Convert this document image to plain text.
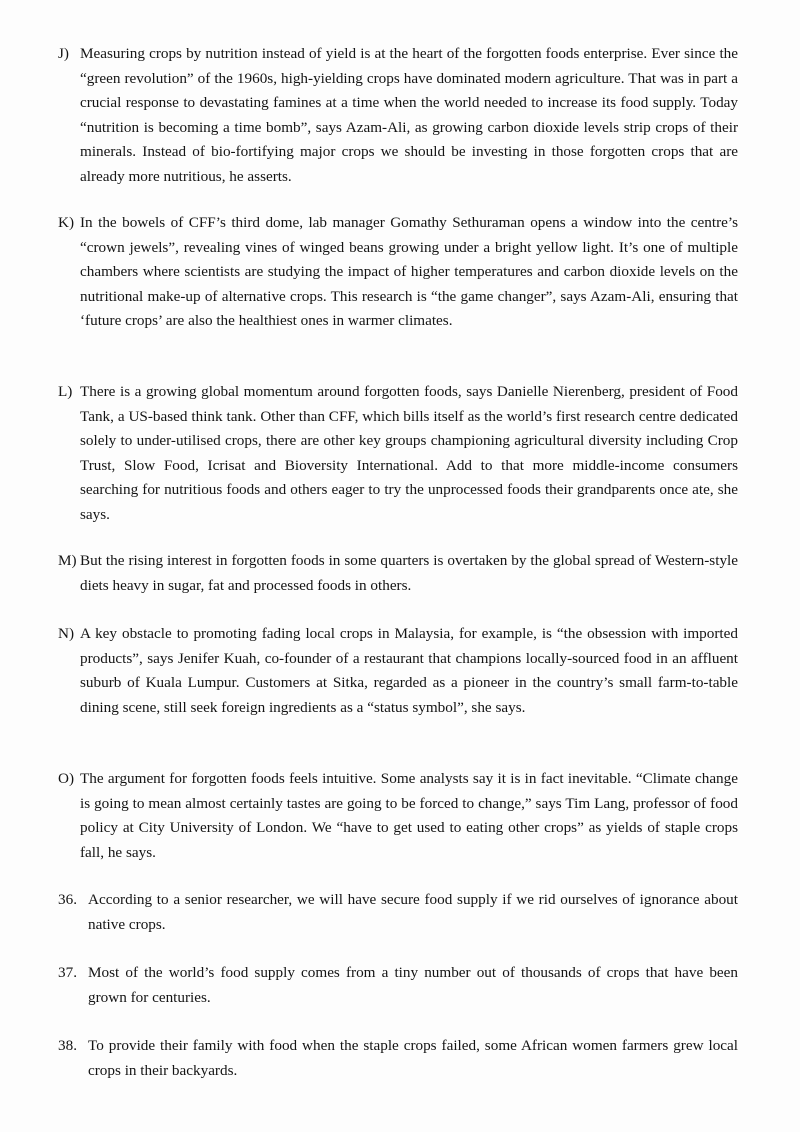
J) Measuring crops by nutrition instead of yield is at the heart of the forgotten foods enterprise. Ever since the “green revolution” of the 1960s, high-yielding crops have dominated modern agriculture. That was in part a crucial response to devastating famines at a time when the world needed to increase its food supply. Today “nutrition is becoming a time bomb”, says Azam-Ali, as growing carbon dioxide levels strip crops of their minerals. Instead of bio-fortifying major crops we should be investing in those forgotten crops that are already more nutritious, he asserts.
K) In the bowels of CFF’s third dome, lab manager Gomathy Sethuraman opens a window into the centre’s “crown jewels”, revealing vines of winged beans growing under a bright yellow light. It’s one of multiple chambers where scientists are studying the impact of higher temperatures and carbon dioxide levels on the nutritional make-up of alternative crops. This research is “the game changer”, says Azam-Ali, ensuring that ‘future crops’ are also the healthiest ones in warmer climates.
L) There is a growing global momentum around forgotten foods, says Danielle Nierenberg, president of Food Tank, a US-based think tank. Other than CFF, which bills itself as the world’s first research centre dedicated solely to under-utilised crops, there are other key groups championing agricultural diversity including Crop Trust, Slow Food, Icrisat and Bioversity International. Add to that more middle-income consumers searching for nutritious foods and others eager to try the unprocessed foods their grandparents once ate, she says.
M) But the rising interest in forgotten foods in some quarters is overtaken by the global spread of Western-style diets heavy in sugar, fat and processed foods in others.
N) A key obstacle to promoting fading local crops in Malaysia, for example, is “the obsession with imported products”, says Jenifer Kuah, co-founder of a restaurant that champions locally-sourced food in an affluent suburb of Kuala Lumpur. Customers at Sitka, regarded as a pioneer in the country’s small farm-to-table dining scene, still seek foreign ingredients as a “status symbol”, she says.
O) The argument for forgotten foods feels intuitive. Some analysts say it is in fact inevitable. “Climate change is going to mean almost certainly tastes are going to be forced to change,” says Tim Lang, professor of food policy at City University of London. We “have to get used to eating other crops” as yields of staple crops fall, he says.
36. According to a senior researcher, we will have secure food supply if we rid ourselves of ignorance about native crops.
37. Most of the world’s food supply comes from a tiny number out of thousands of crops that have been grown for centuries.
38. To provide their family with food when the staple crops failed, some African women farmers grew local crops in their backyards.
